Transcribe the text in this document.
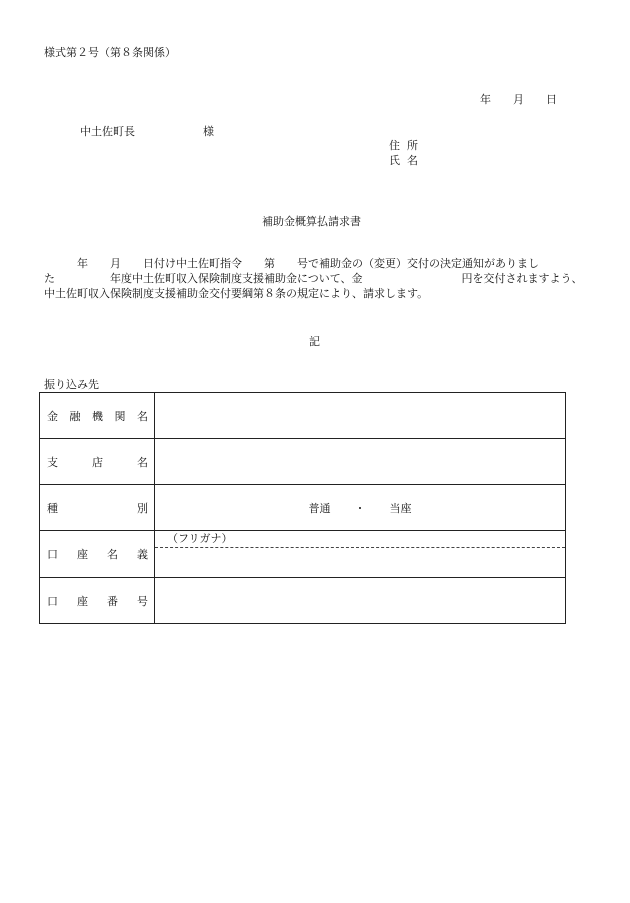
様式第２号（第８条関係）
年 月 日
中土佐町長	様
住所
氏名
補助金概算払請求書
　　　年　　月　　日付け中土佐町指令　　第　　号で補助金の（変更）交付の決定通知がありまし
た　　　　　年度中土佐町収入保険制度支援補助金について、金　　　　　　　　　円を交付されますよう、
中土佐町収入保険制度支援補助金交付要綱第８条の規定により、請求します。
記
振り込み先
金融機関名	
支店名	
種別	普通 ・ 当座
口座名義	（フリガナ）

口座番号	
